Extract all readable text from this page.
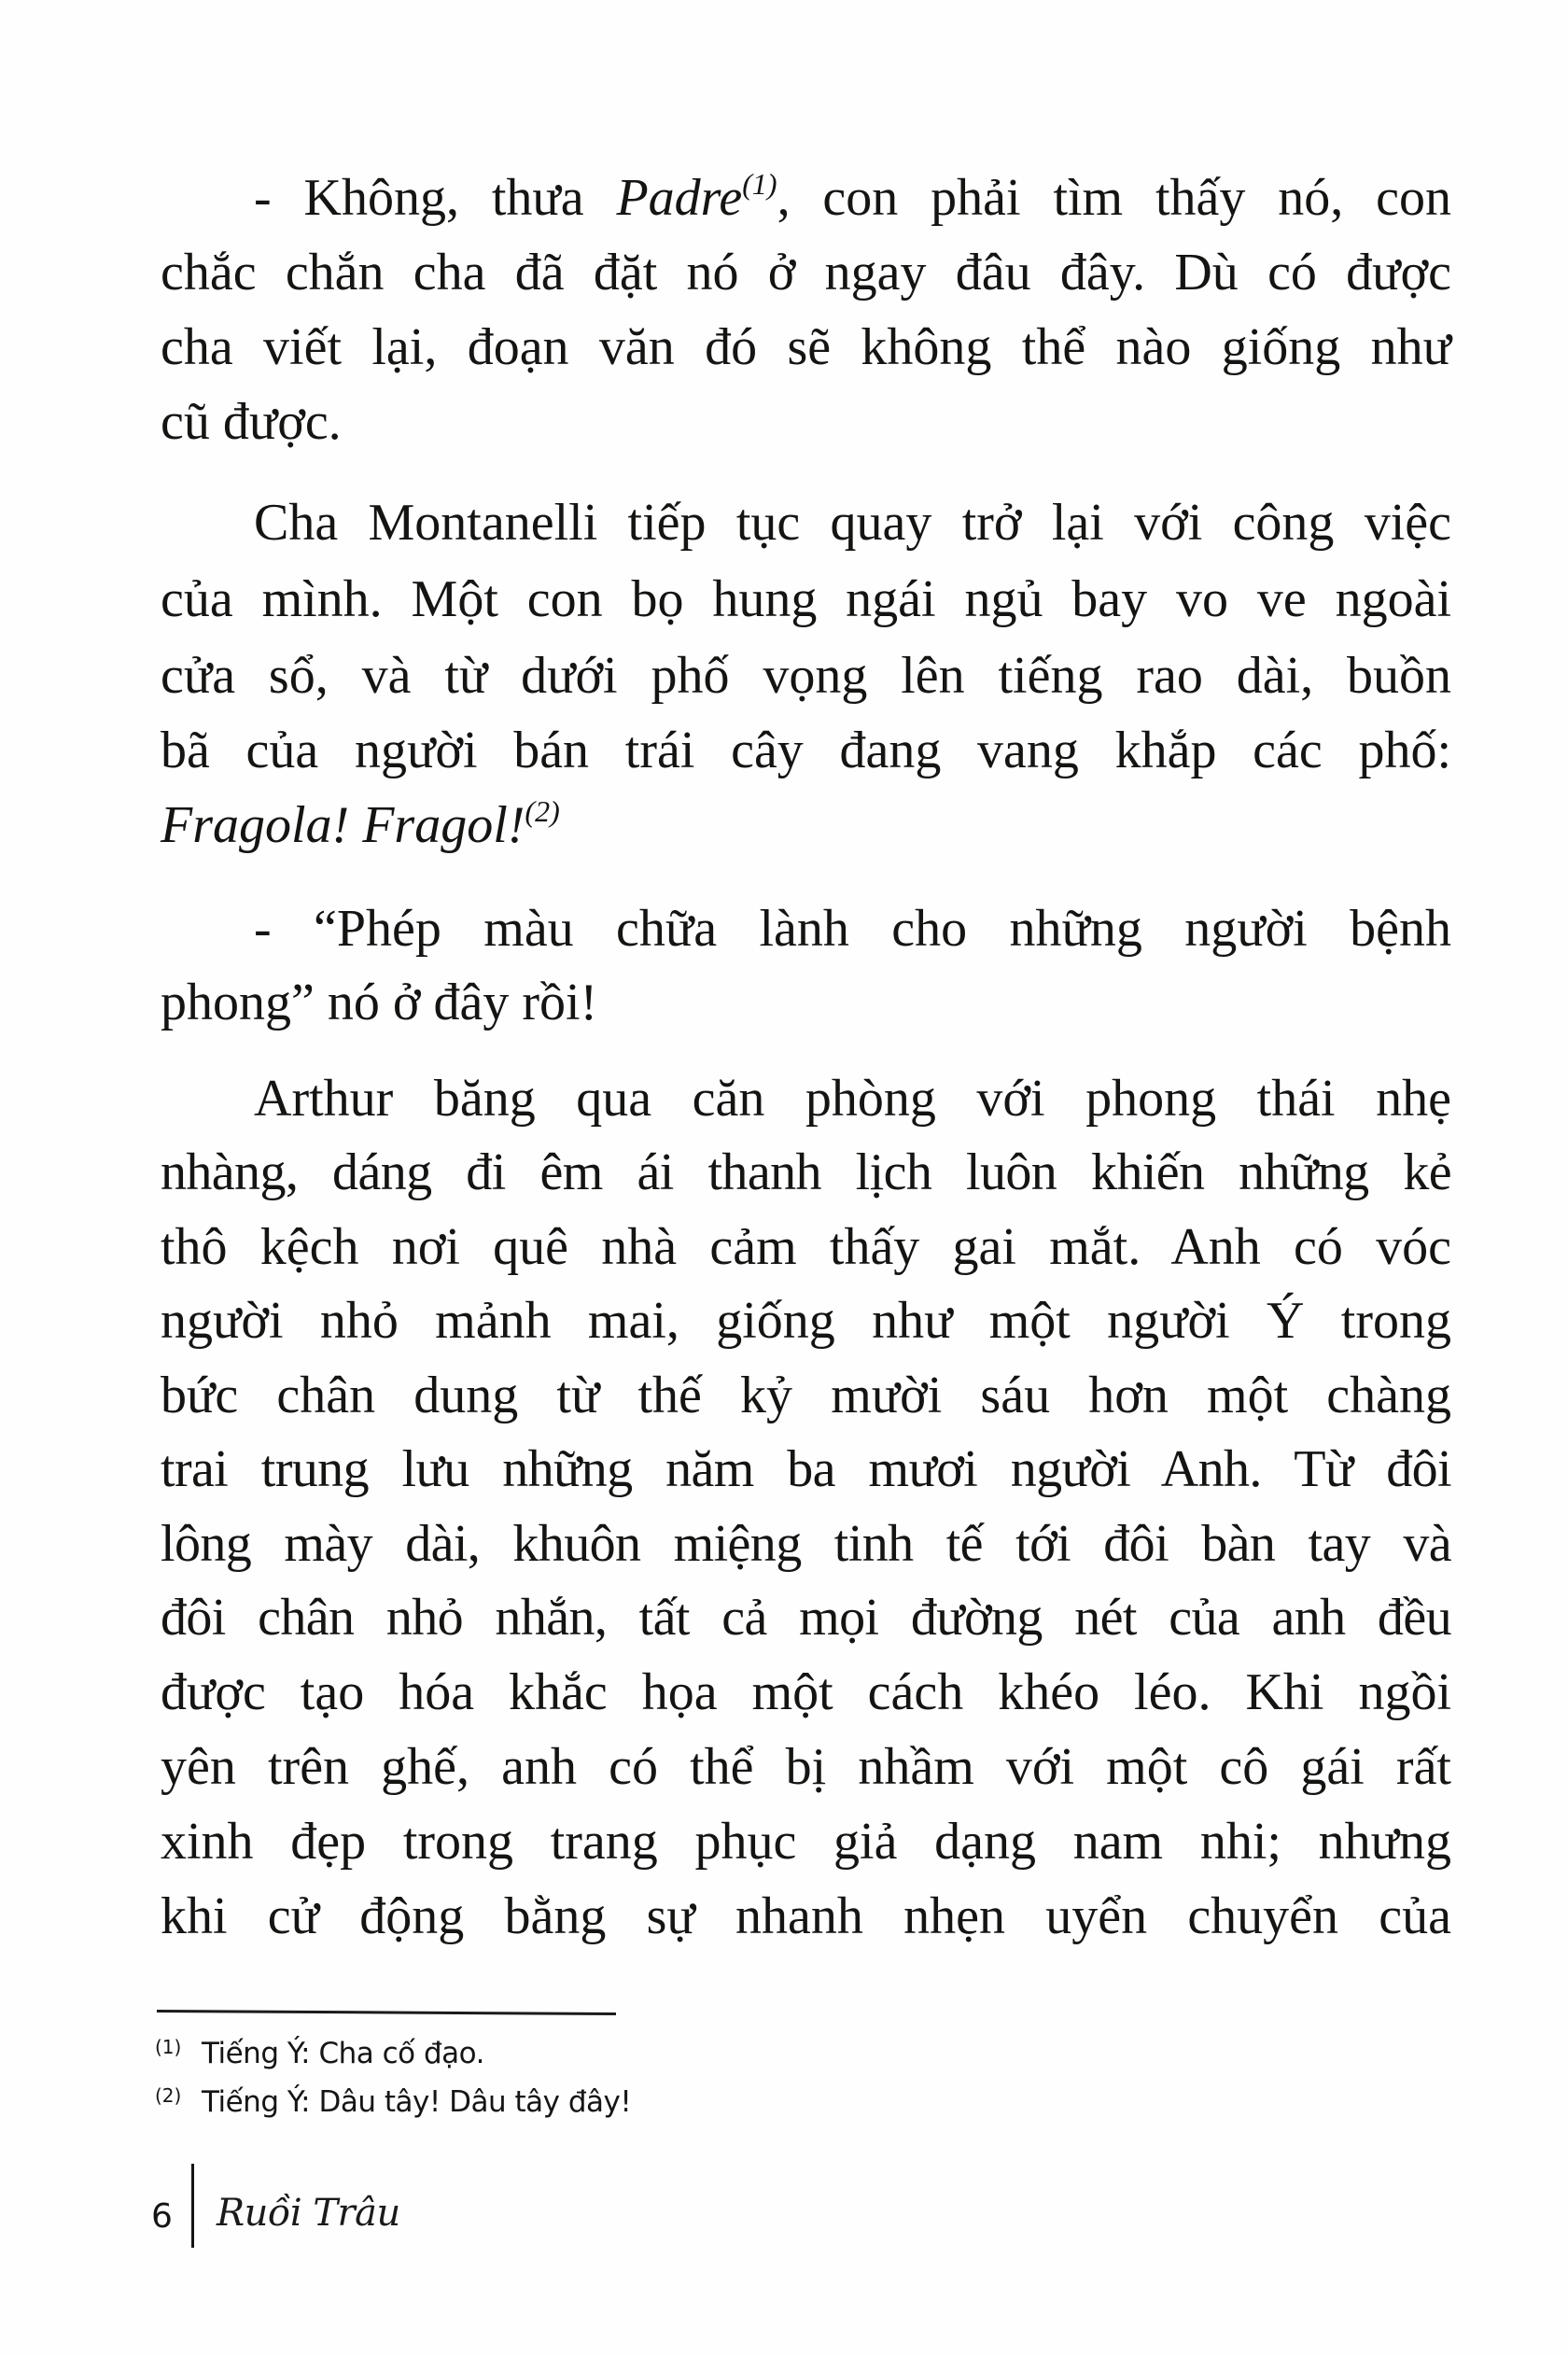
- Không, thưa Padre$^{(1)}$, con phải tìm thấy nó, con
chắc chắn cha đã đặt nó ở ngay đâu đây. Dù có được
cha viết lại, đoạn văn đó sẽ không thể nào giống như
cũ được.
Cha Montanelli tiếp tục quay trở lại với công việc
của mình. Một con bọ hung ngái ngủ bay vo ve ngoài
cửa sổ, và từ dưới phố vọng lên tiếng rao dài, buồn
bã của người bán trái cây đang vang khắp các phố:
Fragola! Fragol!$^{(2)}$
- “Phép màu chữa lành cho những người bệnh
phong” nó ở đây rồi!
Arthur băng qua căn phòng với phong thái nhẹ
nhàng, dáng đi êm ái thanh lịch luôn khiến những kẻ
thô kệch nơi quê nhà cảm thấy gai mắt. Anh có vóc
người nhỏ mảnh mai, giống như một người Ý trong
bức chân dung từ thế kỷ mười sáu hơn một chàng
trai trung lưu những năm ba mươi người Anh. Từ đôi
lông mày dài, khuôn miệng tinh tế tới đôi bàn tay và
đôi chân nhỏ nhắn, tất cả mọi đường nét của anh đều
được tạo hóa khắc họa một cách khéo léo. Khi ngồi
yên trên ghế, anh có thể bị nhầm với một cô gái rất
xinh đẹp trong trang phục giả dạng nam nhi; nhưng
khi cử động bằng sự nhanh nhẹn uyển chuyển của
(1) Tiếng Ý: Cha cố đạo.
(2) Tiếng Ý: Dâu tây! Dâu tây đây!
6 Ruồi Trâu
